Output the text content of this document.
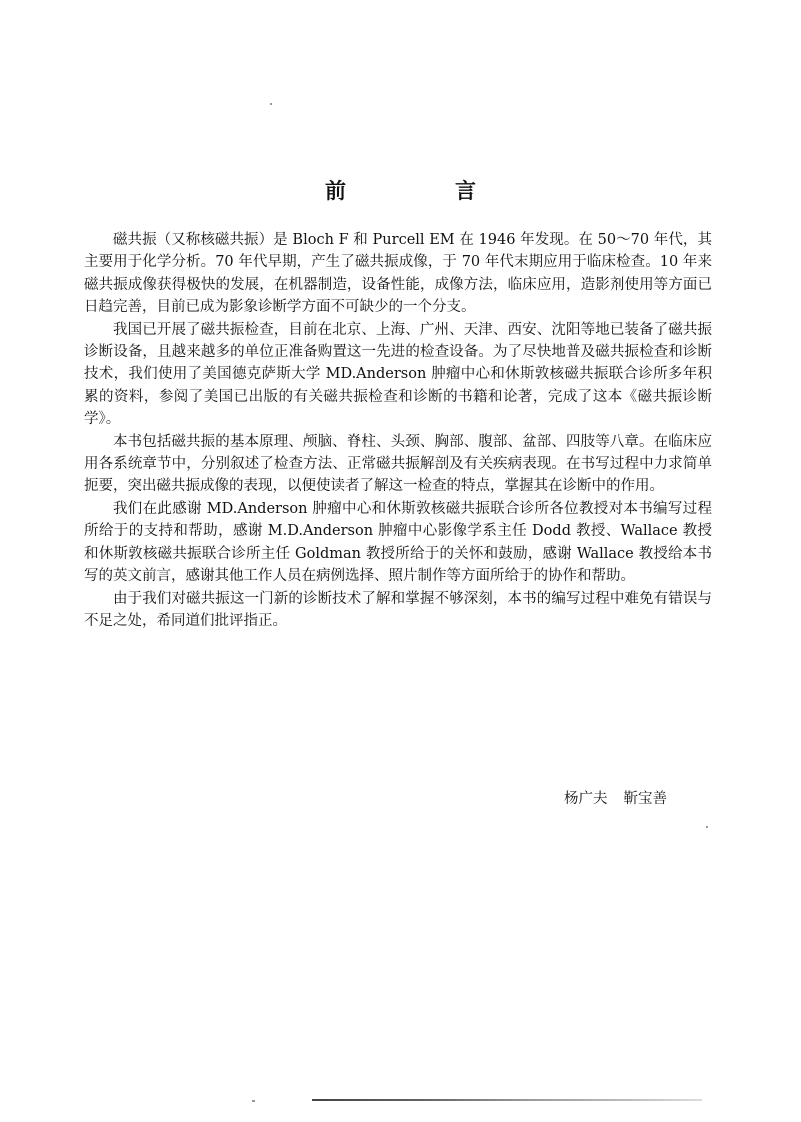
前　言

磁共振（又称核磁共振）是 Bloch F 和 Purcell EM 在 1946 年发现。在 50～70 年代，其主要用于化学分析。70 年代早期，产生了磁共振成像，于 70 年代末期应用于临床检查。10 年来磁共振成像获得极快的发展，在机器制造，设备性能，成像方法，临床应用，造影剂使用等方面已日趋完善，目前已成为影象诊断学方面不可缺少的一个分支。

我国已开展了磁共振检查，目前在北京、上海、广州、天津、西安、沈阳等地已装备了磁共振诊断设备，且越来越多的单位正准备购置这一先进的检查设备。为了尽快地普及磁共振检查和诊断技术，我们使用了美国德克萨斯大学 MD.Anderson 肿瘤中心和休斯敦核磁共振联合诊所多年积累的资料，参阅了美国已出版的有关磁共振检查和诊断的书籍和论著，完成了这本《磁共振诊断学》。

本书包括磁共振的基本原理、颅脑、脊柱、头颈、胸部、腹部、盆部、四肢等八章。在临床应用各系统章节中，分别叙述了检查方法、正常磁共振解剖及有关疾病表现。在书写过程中力求简单扼要，突出磁共振成像的表现，以便使读者了解这一检查的特点，掌握其在诊断中的作用。

我们在此感谢 MD.Anderson 肿瘤中心和休斯敦核磁共振联合诊所各位教授对本书编写过程所给于的支持和帮助，感谢 M.D.Anderson 肿瘤中心影像学系主任 Dodd 教授、Wallace 教授和休斯敦核磁共振联合诊所主任 Goldman 教授所给于的关怀和鼓励，感谢 Wallace 教授给本书写的英文前言，感谢其他工作人员在病例选择、照片制作等方面所给于的协作和帮助。

由于我们对磁共振这一门新的诊断技术了解和掌握不够深刻，本书的编写过程中难免有错误与不足之处，希同道们批评指正。

杨广夫 靳宝善
